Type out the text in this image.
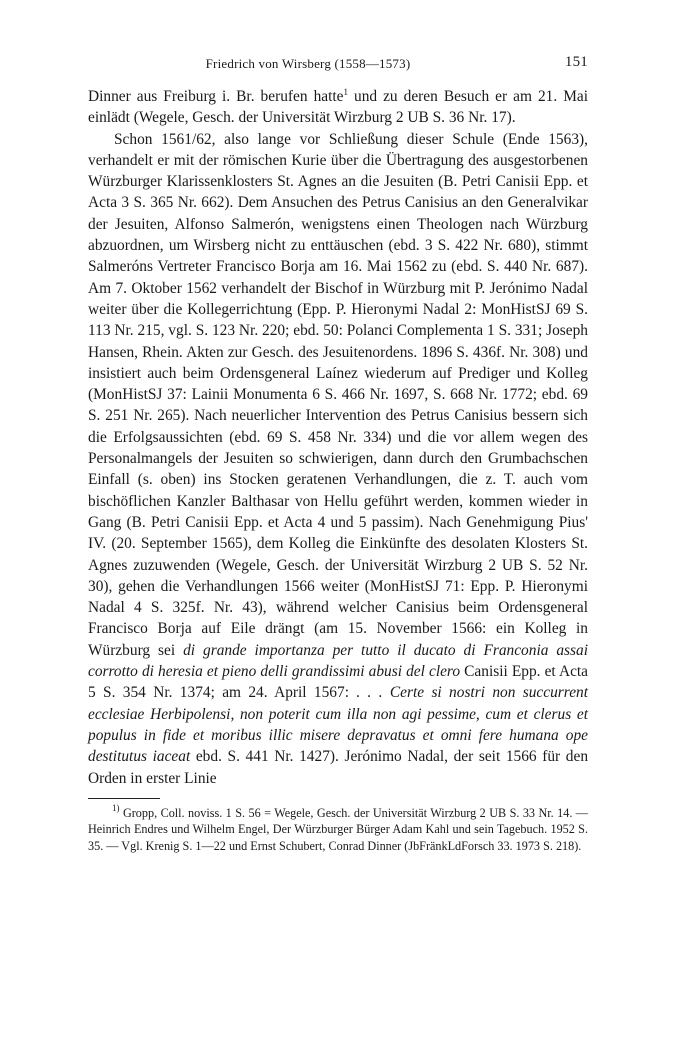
Friedrich von Wirsberg (1558—1573)	151

Dinner aus Freiburg i. Br. berufen hatte$^1$ und zu deren Besuch er am 21. Mai einlädt (Wegele, Gesch. der Universität Wirzburg 2 UB S. 36 Nr. 17).

Schon 1561/62, also lange vor Schließung dieser Schule (Ende 1563), verhandelt er mit der römischen Kurie über die Übertragung des ausgestorbenen Würzburger Klarissenklosters St. Agnes an die Jesuiten (B. Petri Canisii Epp. et Acta 3 S. 365 Nr. 662). Dem Ansuchen des Petrus Canisius an den Generalvikar der Jesuiten, Alfonso Salmerón, wenigstens einen Theologen nach Würzburg abzuordnen, um Wirsberg nicht zu enttäuschen (ebd. 3 S. 422 Nr. 680), stimmt Salmeróns Vertreter Francisco Borja am 16. Mai 1562 zu (ebd. S. 440 Nr. 687). Am 7. Oktober 1562 verhandelt der Bischof in Würzburg mit P. Jerónimo Nadal weiter über die Kollegerrichtung (Epp. P. Hieronymi Nadal 2: MonHistSJ 69 S. 113 Nr. 215, vgl. S. 123 Nr. 220; ebd. 50: Polanci Complementa 1 S. 331; Joseph Hansen, Rhein. Akten zur Gesch. des Jesuitenordens. 1896 S. 436f. Nr. 308) und insistiert auch beim Ordensgeneral Laínez wiederum auf Prediger und Kolleg (MonHistSJ 37: Lainii Monumenta 6 S. 466 Nr. 1697, S. 668 Nr. 1772; ebd. 69 S. 251 Nr. 265). Nach neuerlicher Intervention des Petrus Canisius bessern sich die Erfolgsaussichten (ebd. 69 S. 458 Nr. 334) und die vor allem wegen des Personalmangels der Jesuiten so schwierigen, dann durch den Grumbachschen Einfall (s. oben) ins Stocken geratenen Verhandlungen, die z. T. auch vom bischöflichen Kanzler Balthasar von Hellu geführt werden, kommen wieder in Gang (B. Petri Canisii Epp. et Acta 4 und 5 passim). Nach Genehmigung Pius' IV. (20. September 1565), dem Kolleg die Einkünfte des desolaten Klosters St. Agnes zuzuwenden (Wegele, Gesch. der Universität Wirzburg 2 UB S. 52 Nr. 30), gehen die Verhandlungen 1566 weiter (MonHistSJ 71: Epp. P. Hieronymi Nadal 4 S. 325f. Nr. 43), während welcher Canisius beim Ordensgeneral Francisco Borja auf Eile drängt (am 15. November 1566: ein Kolleg in Würzburg sei di grande importanza per tutto il ducato di Franconia assai corrotto di heresia et pieno delli grandissimi abusi del clero Canisii Epp. et Acta 5 S. 354 Nr. 1374; am 24. April 1567: . . . Certe si nostri non succurrent ecclesiae Herbipolensi, non poterit cum illa non agi pessime, cum et clerus et populus in fide et moribus illic misere depravatus et omni fere humana ope destitutus iaceat ebd. S. 441 Nr. 1427). Jerónimo Nadal, der seit 1566 für den Orden in erster Linie

$^{1)}$ Gropp, Coll. noviss. 1 S. 56 = Wegele, Gesch. der Universität Wirzburg 2 UB S. 33 Nr. 14. — Heinrich Endres und Wilhelm Engel, Der Würzburger Bürger Adam Kahl und sein Tagebuch. 1952 S. 35. — Vgl. Krenig S. 1—22 und Ernst Schubert, Conrad Dinner (JbFränkLdForsch 33. 1973 S. 218).
